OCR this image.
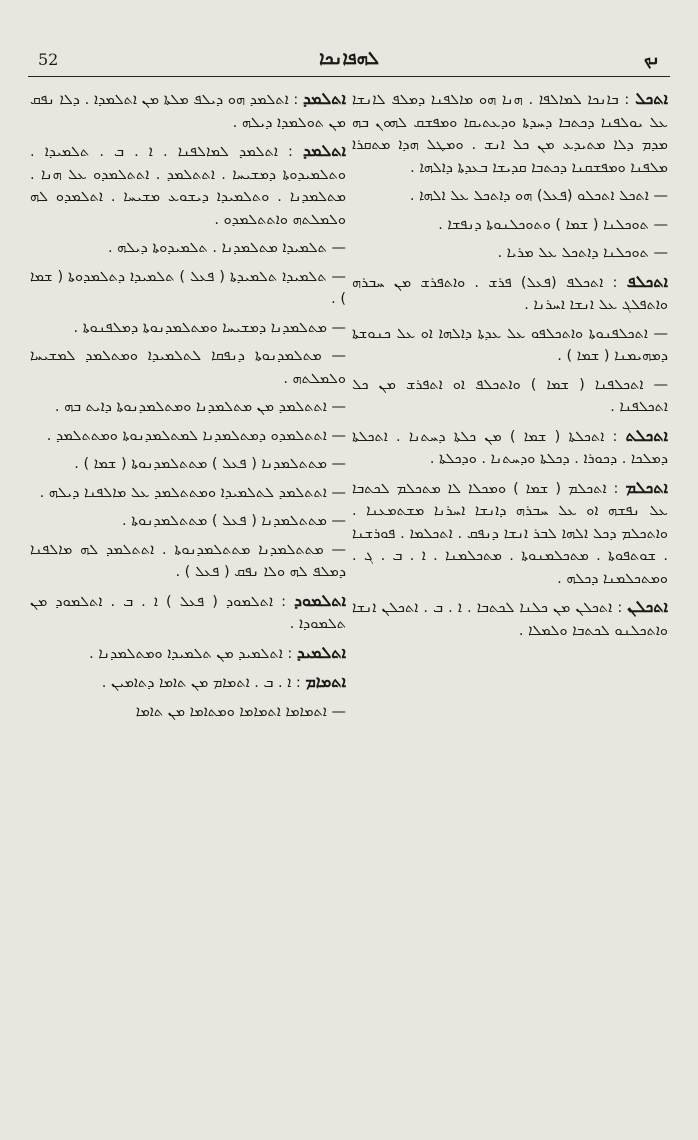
52	ܠܗܦܐܢܟܐ	ܢܟ

ܐܬܟܠ : ܒܐܢܟܐ ܠܡܐܠܦܐ . ܗܢܐ ܗܘ ܡܐܠܦܢܐ ܕܡܠܦ ܠܐܢܫܐ ܥܠ ܝܘܠܦܢܐ ܕܟܬܒܐ ܕܚܕܬܐ ܘܕܥܬܝܩܐ ܘܡܦܫܩ ܠܗܘܢ ܒܗ ܡܕܡ ܕܠܐ ܡܬܝܕܥ ܡܢ ܟܠ ܐܢܫ . ܘܡܛܠ ܗܕܐ ܡܬܩܪܐ ܡܠܦܢܐ ܘܡܦܫܩܢܐ ܕܟܬܒܐ ܩܕܝܫܐ ܒܥܕܬܐ ܕܐܠܗܐ .

— ܐܬܟܠ ܐܬܟܠܘ (ܦܥܠ) ܗܘ ܕܐܬܟܠ ܥܠ ܐܠܗܐ .

— ܬܘܟܠܢܐ ( ܫܡܐ ) ܘܬܘܟܠܢܘܬܐ ܕܢܦܫܐ .

— ܬܘܟܠܢܐ ܕܐܬܟܠ ܥܠ ܡܪܝܐ .

ܐܬܟܠܦ : ܐܬܟܠܦ (ܦܥܠ) ܦܪܫ . ܘܐܬܦܪܫ ܡܢ ܚܒܪܗ ܘܐܬܦܠܓ ܥܠ ܐܢܫܐ ܐܚܪܢܐ .

— ܐܬܟܠܦܢܘܬܐ ܘܐܬܟܠܦܘ ܥܠ ܥܕܬܐ ܕܐܠܗܐ ܐܘ ܥܠ ܟܢܘܫܬܐ ܕܡܗܝܡܢܐ ( ܫܡܐ ) .

— ܐܬܟܠܦܢܐ ( ܫܡܐ ) ܘܐܬܟܠܦ ܐܘ ܐܬܦܪܫ ܡܢ ܟܠ ܐܬܟܠܦܢܐ .

ܐܬܟܠܬ : ܐܬܟܠܬܐ ( ܫܡܐ ) ܡܢ ܟܠܬܐ ܕܚܬܢܐ . ܐܬܟܠܬܐ ܕܡܠܟܐ . ܕܟܘܪܐ . ܕܟܠܬܐ ܘܕܚܬܢܐ . ܘܕܟܠܬܐ .

ܐܬܟܠܡ : ܐܬܟܠܡ ( ܫܡܐ ) ܘܡܟܠܐ ܠܐ ܡܬܟܠܡ ܠܟܬܒܐ ܥܠ ܢܦܫܗ ܐܘ ܥܠ ܚܒܪܗ ܕܐܢܫܐ ܐܚܪܢܐ ܡܫܬܡܥܢܐ . ܘܐܬܟܠܡ ܕܟܠ ܐܠܗܐ ܠܒܪ ܐܢܫܐ ܕܢܦܩ . ܐܬܟܠܡܐ . ܦܘܪܫܢܐ . ܫܘܬܦܘܬܐ . ܡܬܟܠܡܢܘܬܐ . ܡܬܟܠܡܢܐ . ܐ . ܒ . ܓ . ܘܡܬܟܠܡܢܐ ܕܟܠܗ .

ܐܬܟܠܢ : ܐܬܟܠܢ ܡܢ ܟܠܢܐ ܠܟܬܒܐ . ܐ . ܒ . ܐܬܟܠܢ ܐܢܫܐ ܘܐܬܟܠܢܘ ܠܟܬܒܐ ܘܠܡܠܐ .

ܐܬܠܡܕ : ܐܬܠܡܕ ܗܘ ܕܝܠܦ ܡܠܬܐ ܡܢ ܐܬܠܡܕܐ . ܕܠܐ ܢܦܩ ܡܢ ܬܘܠܡܕܐ ܕܝܠܗ .

ܐܬܠܡܕ : ܐܬܠܡܕ ܠܡܐܠܦܢܐ . ܐ . ܒ . ܬܠܡܝܕܐ . ܘܬܠܡܝܕܘܬܐ ܕܡܫܝܚܐ . ܐܬܬܠܡܕ . ܐܬܬܠܡܕܘ ܥܠ ܗܢܐ . ܡܬܠܡܕܢܐ . ܘܬܠܡܝܕܐ ܕܝܫܘܥ ܡܫܝܚܐ . ܐܬܠܡܕܘ ܠܗ ܘܠܡܠܬܗ ܘܐܬܬܠܡܕܘ .

— ܬܠܡܝܕܐ ܡܬܠܡܕܢܐ . ܬܠܡܝܕܘܬܐ ܕܝܠܗ .

— ܬܠܡܝܕܐ ܬܠܡܝܕܬܐ ( ܦܥܠ ) ܬܠܡܝܕܐ ܕܬܠܡܕܘܬܐ ( ܫܡܐ ) .

— ܡܬܠܡܕܢܐ ܕܡܫܝܚܐ ܘܡܬܠܡܕܢܘܬܐ ܕܡܠܦܢܘܬܐ .

— ܡܬܠܡܕܢܘܬܐ ܕܢܦܩܐ ܠܬܠܡܝܕܐ ܘܡܬܠܡܕ ܠܡܫܝܚܐ ܘܠܡܠܬܗ .

— ܐܬܬܠܡܕ ܡܢ ܡܬܠܡܕܢܐ ܘܡܬܠܡܕܢܘܬܐ ܕܐܝܬ ܒܗ .

— ܐܬܬܠܡܕܘ ܕܡܬܠܡܕܢܐ ܠܡܬܠܡܕܢܘܬܐ ܘܡܬܬܠܡܕ .

— ܡܬܬܠܡܕܢܐ ( ܦܥܠ ) ܡܬܬܠܡܕܢܘܬܐ ( ܫܡܐ ) .

— ܐܬܬܠܡܕ ܠܬܠܡܝܕܐ ܘܡܬܬܠܡܕ ܥܠ ܡܐܠܦܢܐ ܕܝܠܗ .

— ܡܬܬܠܡܕܢܐ ( ܦܥܠ ) ܡܬܬܠܡܕܢܘܬܐ .

— ܡܬܬܠܡܕܢܐ ܡܬܬܠܡܕܢܘܬܐ . ܐܬܬܠܡܕ ܠܗ ܡܐܠܦܢܐ ܕܡܠܦ ܠܗ ܘܠܐ ܢܦܩ ( ܦܥܠ ) .

ܐܬܠܡܘܕ : ܐܬܠܡܘܕ ( ܦܥܠ ) ܐ . ܒ . ܐܬܠܡܘܕ ܡܢ ܬܠܡܘܕܐ .

ܐܬܠܡܝܕ : ܐܬܠܡܝܕ ܡܢ ܬܠܡܝܕܐ ܘܡܬܠܡܕܢܐ .

ܐܬܡܐܡ : ܐ . ܒ . ܐܬܡܐܡ ܡܢ ܬܐܡܐ ܕܬܐܡܝܢ .

— ܐܬܡܐܡܐ ܐܬܡܐܡܐ ܘܡܬܐܡܐ ܡܢ ܬܐܡܐ
